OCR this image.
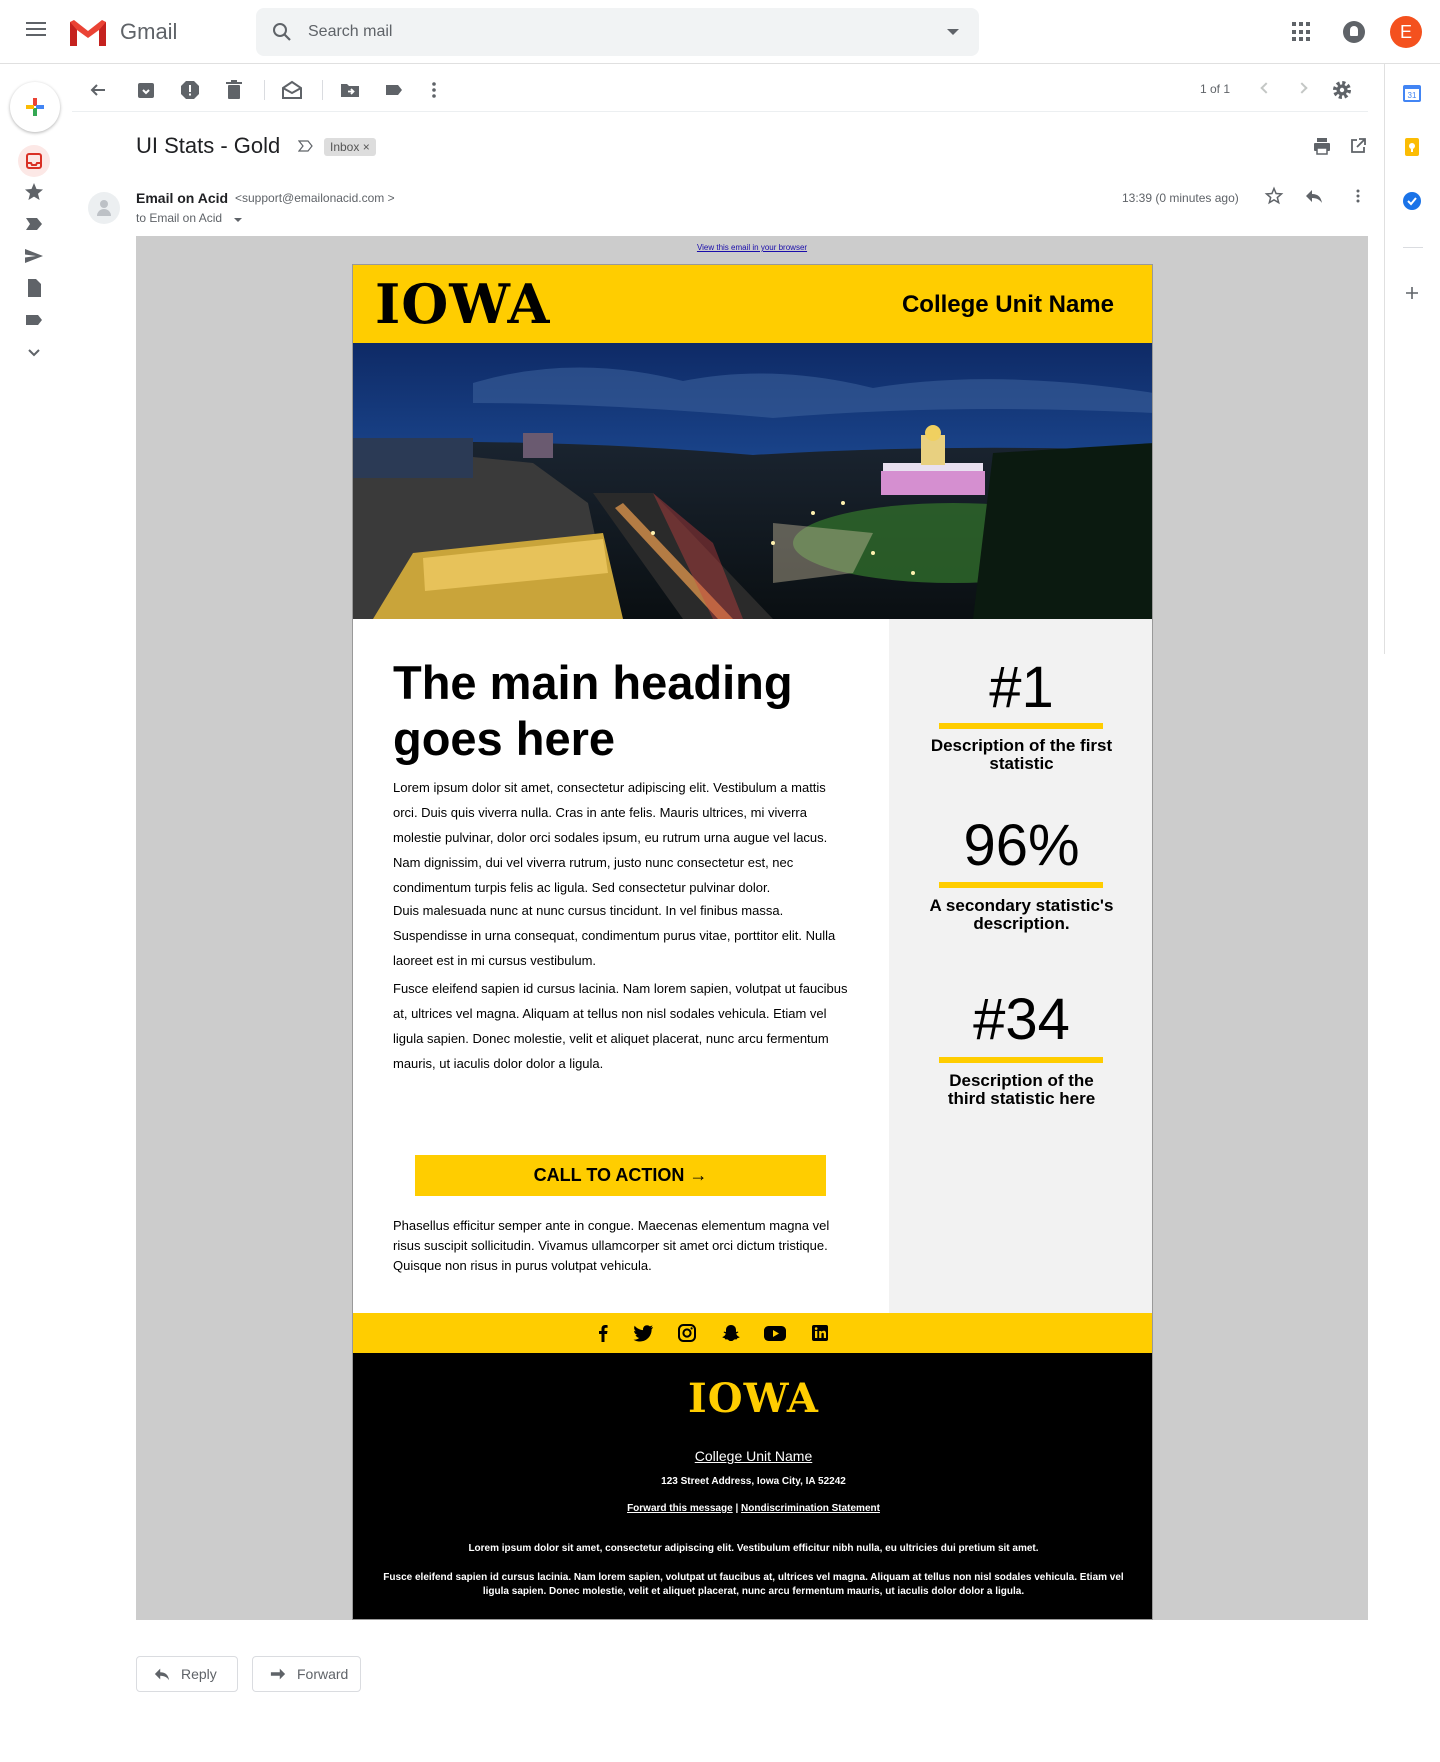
Gmail
Search mail	E
1 of 1	31
UI Stats - Gold	Inbox ×
Email on Acid <support@emailonacid.com >
to Email on Acid
13:39 (0 minutes ago)
View this email in your browser
IOWA	College Unit Name
The main heading goes here
Lorem ipsum dolor sit amet, consectetur adipiscing elit. Vestibulum a mattis orci. Duis quis viverra nulla. Cras in ante felis. Mauris ultrices, mi viverra molestie pulvinar, dolor orci sodales ipsum, eu rutrum urna augue vel lacus. Nam dignissim, dui vel viverra rutrum, justo nunc consectetur est, nec condimentum turpis felis ac ligula. Sed consectetur pulvinar dolor.
Duis malesuada nunc at nunc cursus tincidunt. In vel finibus massa. Suspendisse in urna consequat, condimentum purus vitae, porttitor elit. Nulla laoreet est in mi cursus vestibulum.
Fusce eleifend sapien id cursus lacinia. Nam lorem sapien, volutpat ut faucibus at, ultrices vel magna. Aliquam at tellus non nisl sodales vehicula. Etiam vel ligula sapien. Donec molestie, velit et aliquet placerat, nunc arcu fermentum mauris, ut iaculis dolor dolor a ligula.
CALL TO ACTION →
Phasellus efficitur semper ante in congue. Maecenas elementum magna vel risus suscipit sollicitudin. Vivamus ullamcorper sit amet orci dictum tristique. Quisque non risus in purus volutpat vehicula.
#1
Description of the first statistic
96%
A secondary statistic's description.
#34
Description of the third statistic here
IOWA
College Unit Name
123 Street Address, Iowa City, IA 52242
Forward this message | Nondiscrimination Statement
Lorem ipsum dolor sit amet, consectetur adipiscing elit. Vestibulum efficitur nibh nulla, eu ultricies dui pretium sit amet.
Fusce eleifend sapien id cursus lacinia. Nam lorem sapien, volutpat ut faucibus at, ultrices vel magna. Aliquam at tellus non nisl sodales vehicula. Etiam vel ligula sapien. Donec molestie, velit et aliquet placerat, nunc arcu fermentum mauris, ut iaculis dolor dolor a ligula.
Reply	Forward
